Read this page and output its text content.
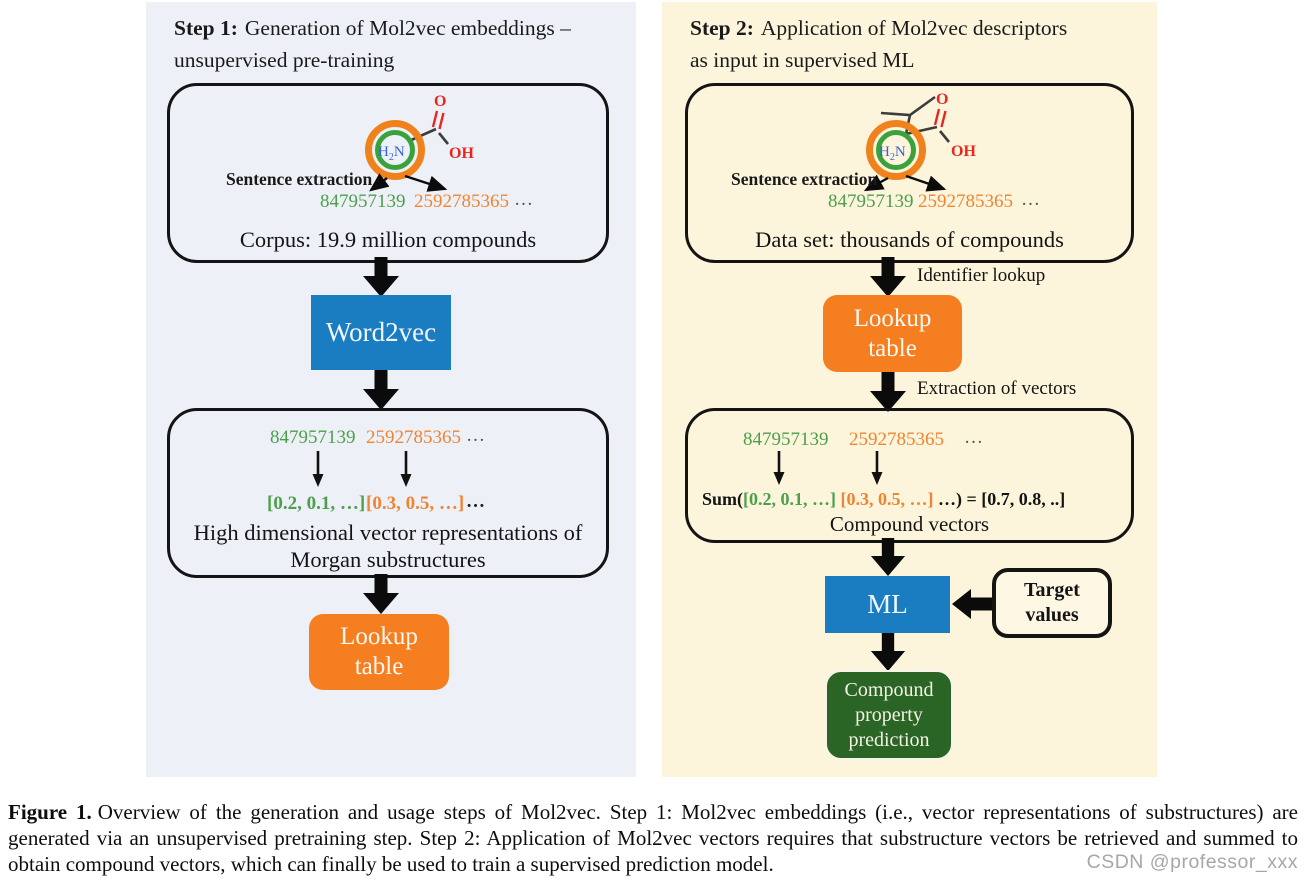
Step 1: Generation of Mol2vec embeddings –
unsupervised pre-training
$H_2N$
O
OH
Sentence extraction
847957139 2592785365 …
Corpus: 19.9 million compounds
Word2vec
847957139 2592785365 …
[0.2, 0.1, …] [0.3, 0.5, …] …
High dimensional vector representations of
Morgan substructures
Lookup
table
Step 2: Application of Mol2vec descriptors
as input in supervised ML
$H_2N$
O
OH
Sentence extraction
847957139 2592785365 …
Data set: thousands of compounds
Identifier lookup
Lookup
table
Extraction of vectors
847957139 2592785365 …
Sum([0.2, 0.1, …] [0.3, 0.5, …] …) = [0.7, 0.8, ..]
Compound vectors
ML	Target
values
Compound
property
prediction
Figure 1. Overview of the generation and usage steps of Mol2vec. Step 1: Mol2vec embeddings (i.e., vector representations of substructures) are generated via an unsupervised pretraining step. Step 2: Application of Mol2vec vectors requires that substructure vectors be retrieved and summed to obtain compound vectors, which can finally be used to train a supervised prediction model.	CSDN @professor_xxx
